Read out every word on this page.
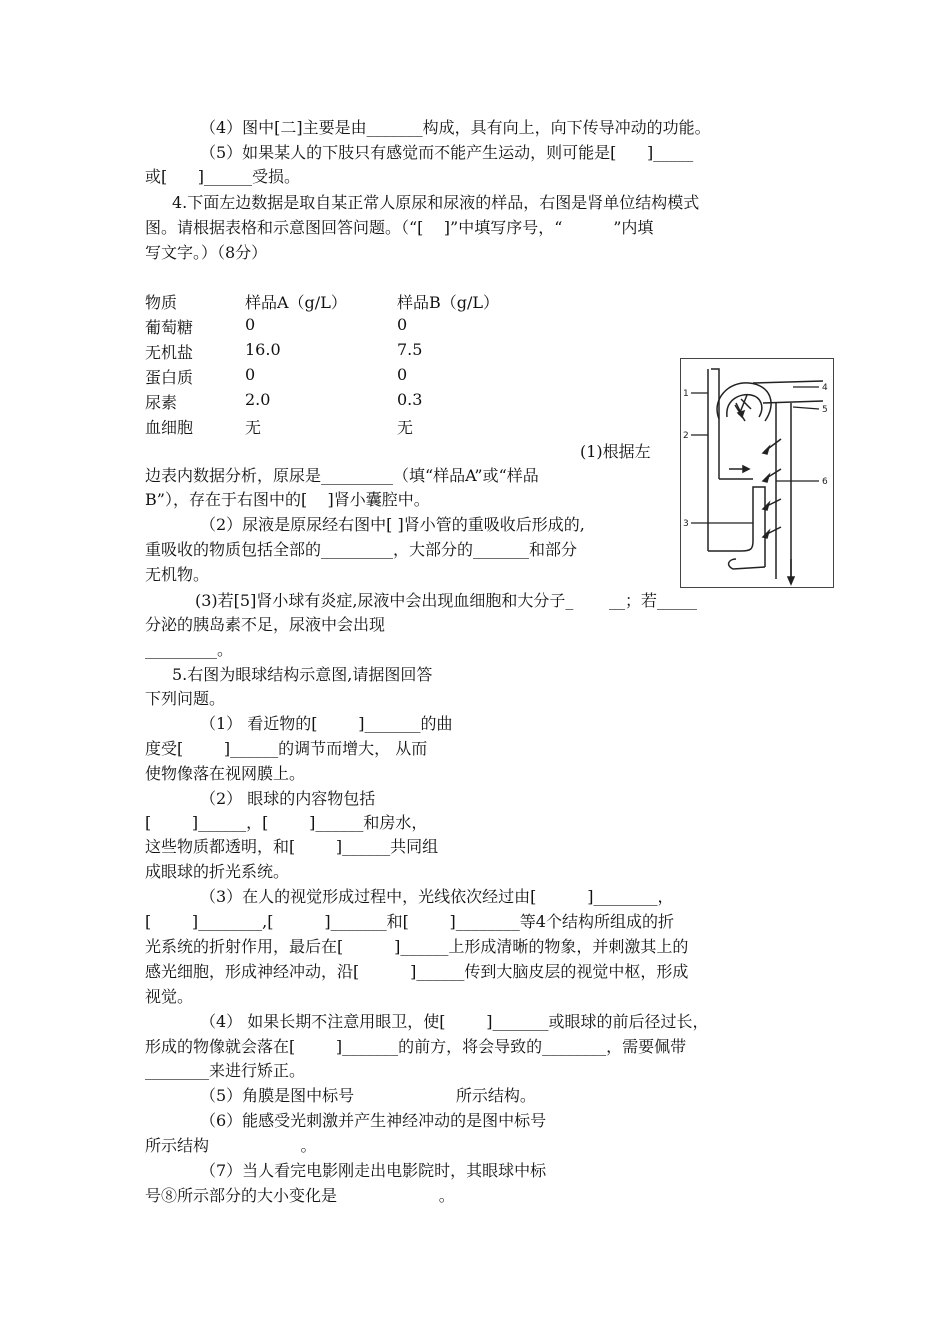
（4）图中[二]主要是由_______构成，具有向上，向下传导冲动的功能。
（5）如果某人的下肢只有感觉而不能产生运动，则可能是[      ]_____
或[      ]______受损。
4.下面左边数据是取自某正常人原尿和尿液的样品，右图是肾单位结构模式
图。请根据表格和示意图回答问题。（“[    ]”中填写序号，“          ”内填
写文字。）（8分）
物质	样品A（g/L）	样品B（g/L）
葡萄糖	0	0
无机盐	16.0	7.5
蛋白质	0	0
尿素	2.0	0.3
血细胞	无	无
1
2
3
4
5
6
(1)根据左
边表内数据分析，原尿是_________（填“样品A”或“样品
B”），存在于右图中的[    ]肾小囊腔中。
（2）尿液是原尿经右图中[ ]肾小管的重吸收后形成的,
重吸收的物质包括全部的_________，大部分的_______和部分
无机物。
(3)若[5]肾小球有炎症,尿液中会出现血细胞和大分子_       __；若_____
分泌的胰岛素不足，尿液中会出现
_________。
5.右图为眼球结构示意图,请据图回答
下列问题。
（1） 看近物的[        ]_______的曲
度受[        ]______的调节而增大， 从而
使物像落在视网膜上。
（2） 眼球的内容物包括
[        ]______，[        ]______和房水，
这些物质都透明，和[        ]______共同组
成眼球的折光系统。
（3）在人的视觉形成过程中，光线依次经过由[          ]________，
[        ]________,[          ]_______和[        ]________等4个结构所组成的折
光系统的折射作用，最后在[          ]______上形成清晰的物象，并刺激其上的
感光细胞，形成神经冲动，沿[          ]______传到大脑皮层的视觉中枢，形成
视觉。
（4） 如果长期不注意用眼卫，使[        ]_______或眼球的前后径过长，
形成的物像就会落在[        ]_______的前方，将会导致的________，需要佩带
________来进行矫正。
（5）角膜是图中标号                    所示结构。
（6）能感受光刺激并产生神经冲动的是图中标号
所示结构                  。
（7）当人看完电影刚走出电影院时，其眼球中标
号⑧所示部分的大小变化是                    。
